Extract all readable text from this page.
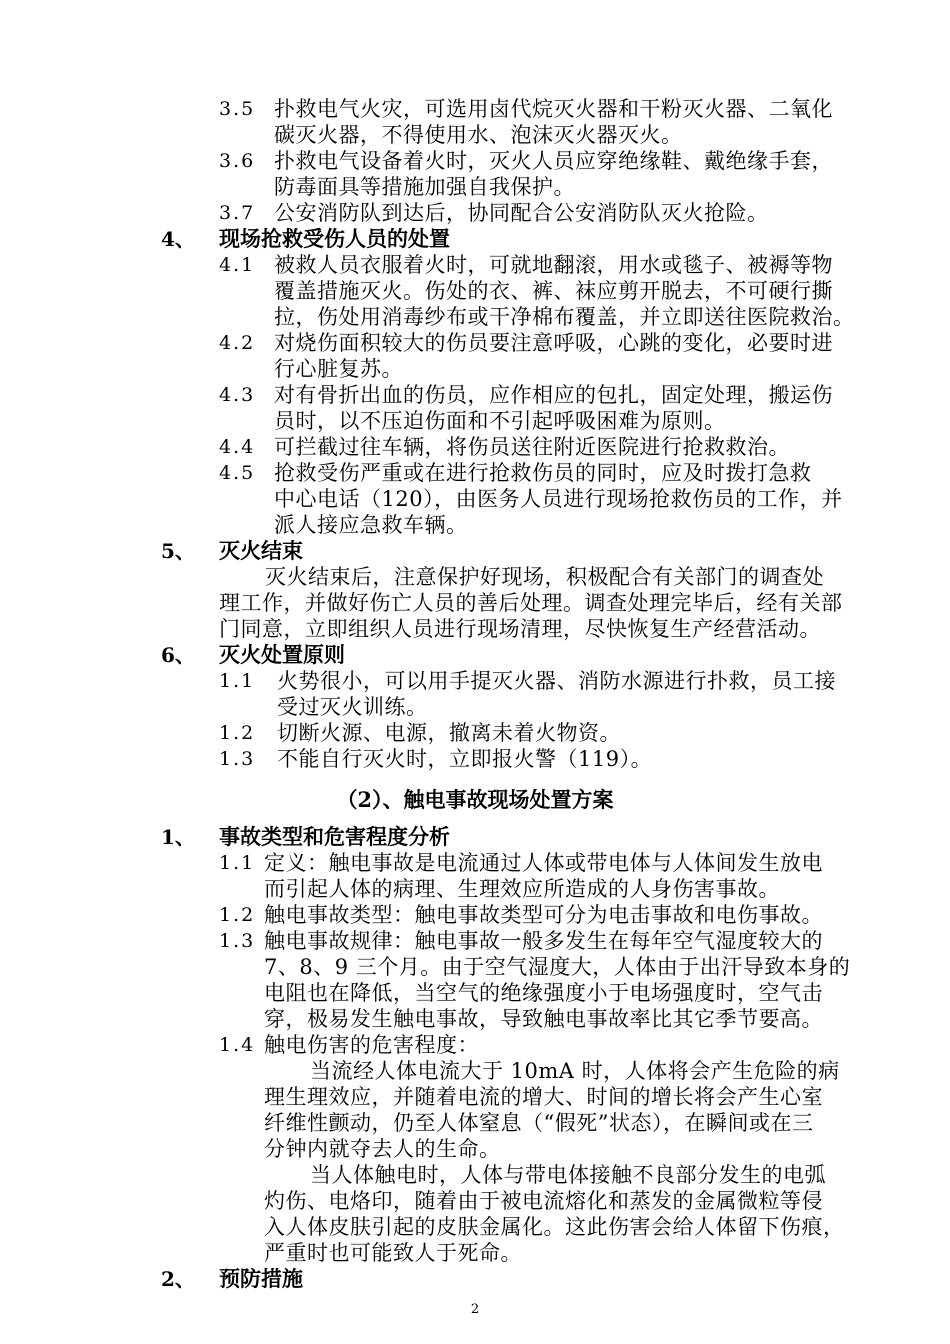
3.5 扑救电气火灾，可选用卤代烷灭火器和干粉灭火器、二氧化
碳灭火器，不得使用水、泡沫灭火器灭火。
3.6 扑救电气设备着火时，灭火人员应穿绝缘鞋、戴绝缘手套，
防毒面具等措施加强自我保护。
3.7 公安消防队到达后，协同配合公安消防队灭火抢险。
4、 现场抢救受伤人员的处置
4.1 被救人员衣服着火时，可就地翻滚，用水或毯子、被褥等物
覆盖措施灭火。伤处的衣、裤、袜应剪开脱去，不可硬行撕
拉，伤处用消毒纱布或干净棉布覆盖，并立即送往医院救治。
4.2 对烧伤面积较大的伤员要注意呼吸，心跳的变化，必要时进
行心脏复苏。
4.3 对有骨折出血的伤员，应作相应的包扎，固定处理，搬运伤
员时，以不压迫伤面和不引起呼吸困难为原则。
4.4 可拦截过往车辆，将伤员送往附近医院进行抢救救治。
4.5 抢救受伤严重或在进行抢救伤员的同时，应及时拨打急救
中心电话（120），由医务人员进行现场抢救伤员的工作，并
派人接应急救车辆。
5、 灭火结束
灭火结束后，注意保护好现场，积极配合有关部门的调查处
理工作，并做好伤亡人员的善后处理。调查处理完毕后，经有关部
门同意，立即组织人员进行现场清理，尽快恢复生产经营活动。
6、 灭火处置原则
1.1 火势很小，可以用手提灭火器、消防水源进行扑救，员工接
受过灭火训练。
1.2 切断火源、电源，撤离未着火物资。
1.3 不能自行灭火时，立即报火警（119）。
（2）、触电事故现场处置方案
1、 事故类型和危害程度分析
1.1 定义：触电事故是电流通过人体或带电体与人体间发生放电
而引起人体的病理、生理效应所造成的人身伤害事故。
1.2 触电事故类型：触电事故类型可分为电击事故和电伤事故。
1.3 触电事故规律：触电事故一般多发生在每年空气湿度较大的
7、8、9 三个月。由于空气湿度大，人体由于出汗导致本身的
电阻也在降低，当空气的绝缘强度小于电场强度时，空气击
穿，极易发生触电事故，导致触电事故率比其它季节要高。
1.4 触电伤害的危害程度：
当流经人体电流大于 10mA 时，人体将会产生危险的病
理生理效应，并随着电流的增大、时间的增长将会产生心室
纤维性颤动，仍至人体窒息（“假死”状态），在瞬间或在三
分钟内就夺去人的生命。
当人体触电时，人体与带电体接触不良部分发生的电弧
灼伤、电烙印，随着由于被电流熔化和蒸发的金属微粒等侵
入人体皮肤引起的皮肤金属化。这此伤害会给人体留下伤痕，
严重时也可能致人于死命。
2、 预防措施
2
